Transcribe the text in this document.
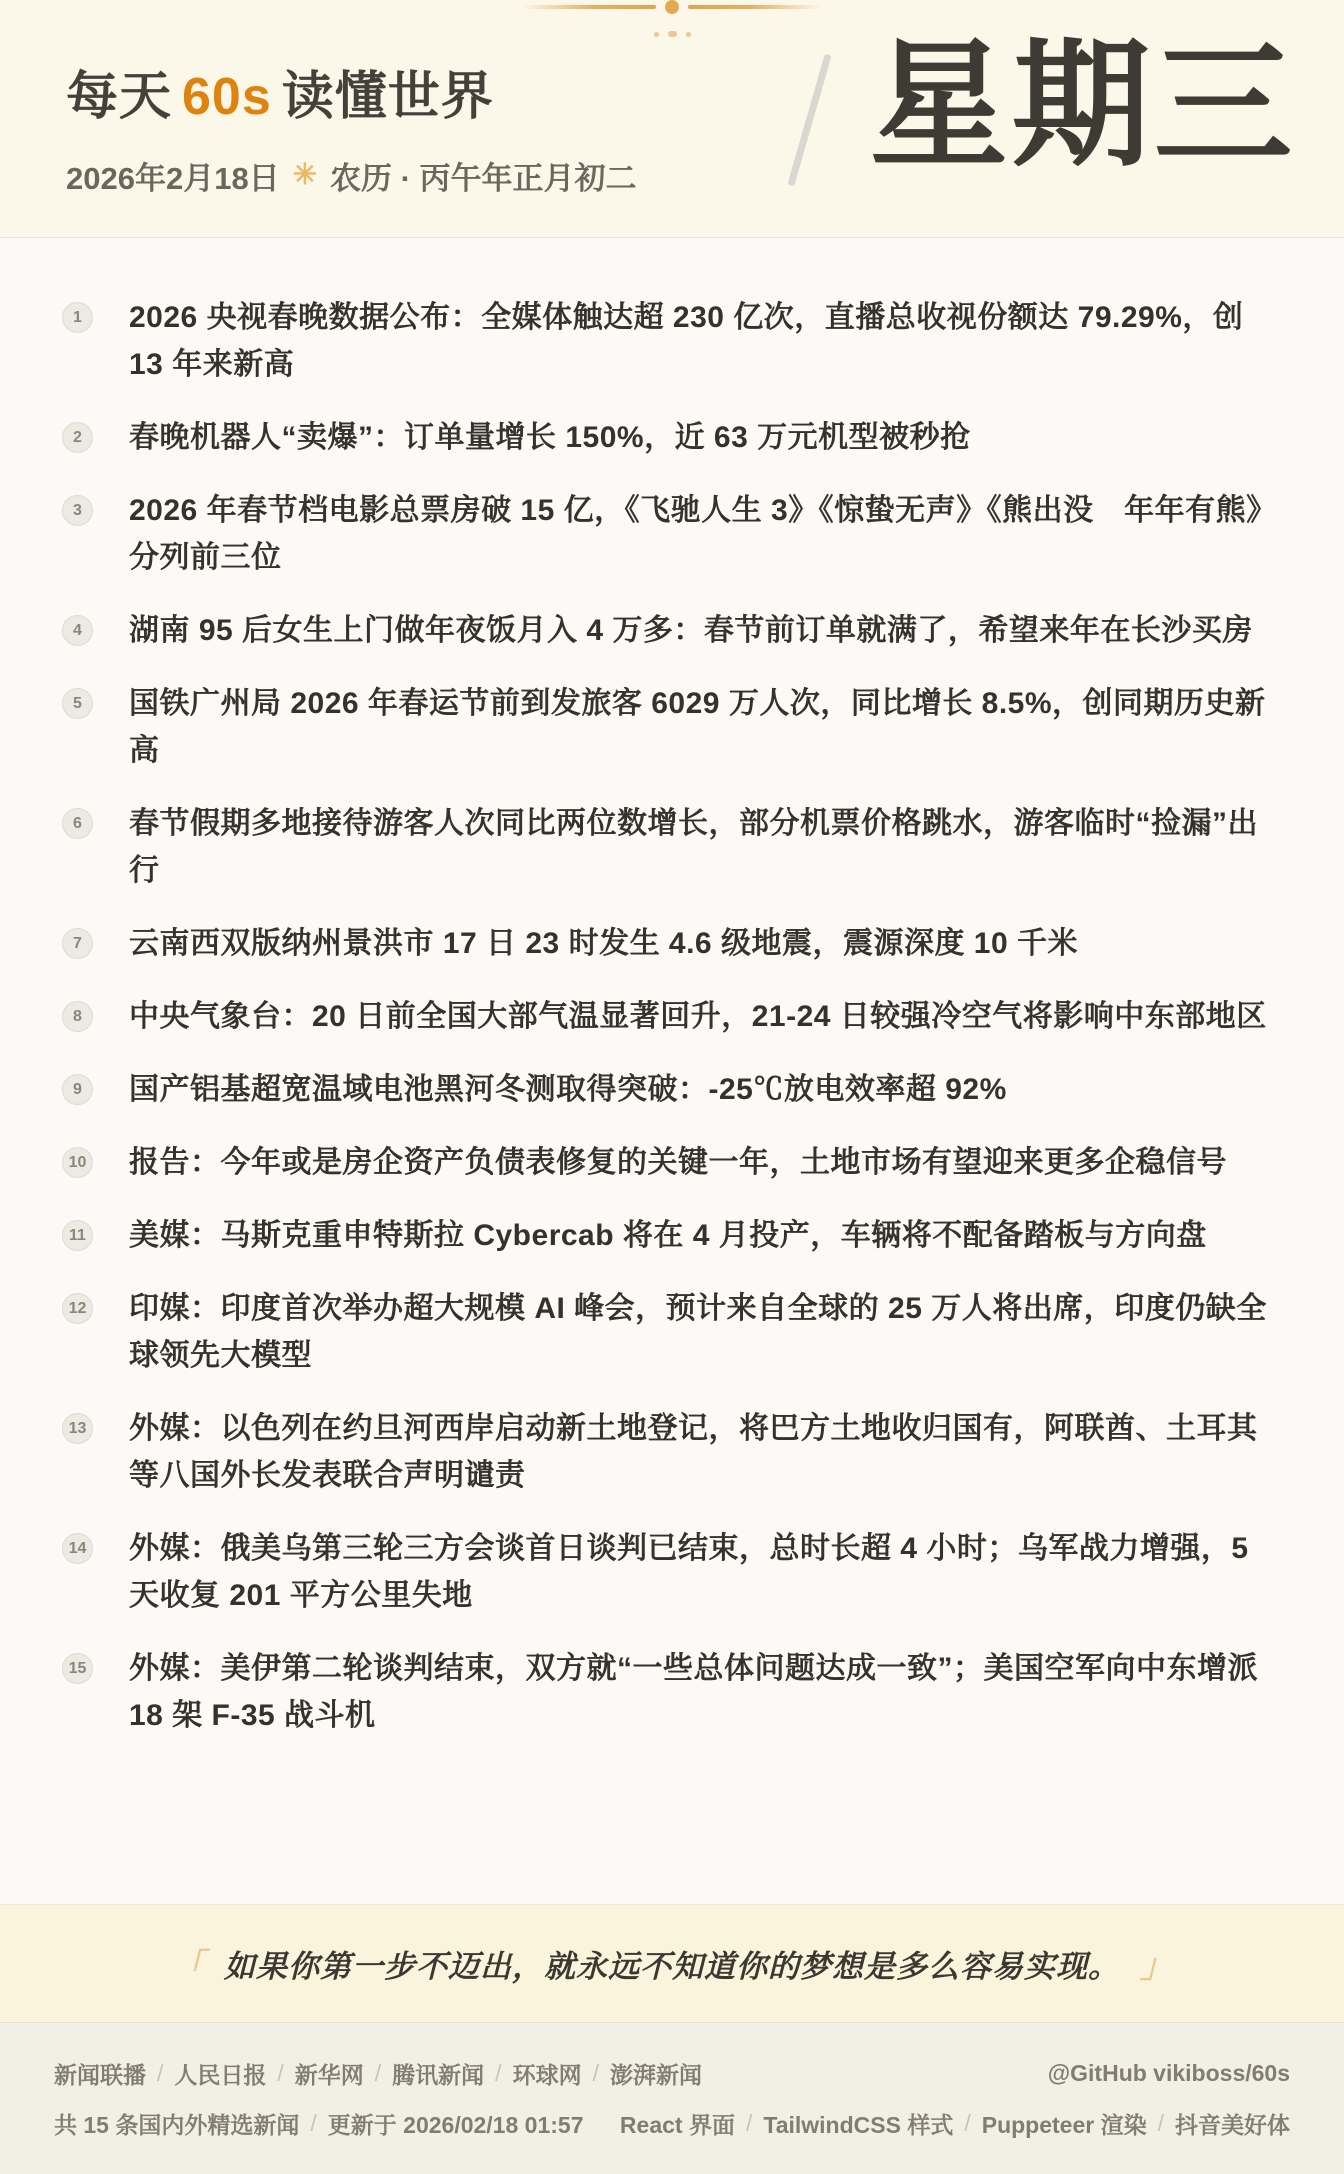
每天 60s 读懂世界
2026年2月18日 ✳ 农历 · 丙午年正月初二 星期三
1	2026 央视春晚数据公布：全媒体触达超 230 亿次，直播总收视份额达 79.29%，创 13 年来新高
2	春晚机器人“卖爆”：订单量增长 150%，近 63 万元机型被秒抢
3	2026 年春节档电影总票房破 15 亿，《飞驰人生 3》《惊蛰无声》《熊出没　年年有熊》分列前三位
4	湖南 95 后女生上门做年夜饭月入 4 万多：春节前订单就满了，希望来年在长沙买房
5	国铁广州局 2026 年春运节前到发旅客 6029 万人次，同比增长 8.5%，创同期历史新高
6	春节假期多地接待游客人次同比两位数增长，部分机票价格跳水，游客临时“捡漏”出行
7	云南西双版纳州景洪市 17 日 23 时发生 4.6 级地震，震源深度 10 千米
8	中央气象台：20 日前全国大部气温显著回升，21-24 日较强冷空气将影响中东部地区
9	国产铝基超宽温域电池黑河冬测取得突破：-25℃放电效率超 92%
10 报告：今年或是房企资产负债表修复的关键一年，土地市场有望迎来更多企稳信号
11 美媒：马斯克重申特斯拉 Cybercab 将在 4 月投产，车辆将不配备踏板与方向盘
12 印媒：印度首次举办超大规模 AI 峰会，预计来自全球的 25 万人将出席，印度仍缺全球领先大模型
13 外媒：以色列在约旦河西岸启动新土地登记，将巴方土地收归国有，阿联酋、土耳其等八国外长发表联合声明谴责
14 外媒：俄美乌第三轮三方会谈首日谈判已结束，总时长超 4 小时；乌军战力增强，5 天收复 201 平方公里失地
15 外媒：美伊第二轮谈判结束，双方就“一些总体问题达成一致”；美国空军向中东增派 18 架 F-35 战斗机
「 如果你第一步不迈出，就永远不知道你的梦想是多么容易实现。 」
新闻联播 / 人民日报 / 新华网 / 腾讯新闻 / 环球网 / 澎湃新闻	@GitHub vikiboss/60s
共 15 条国内外精选新闻 / 更新于 2026/02/18 01:57 React 界面 / TailwindCSS 样式 / Puppeteer 渲染 / 抖音美好体
